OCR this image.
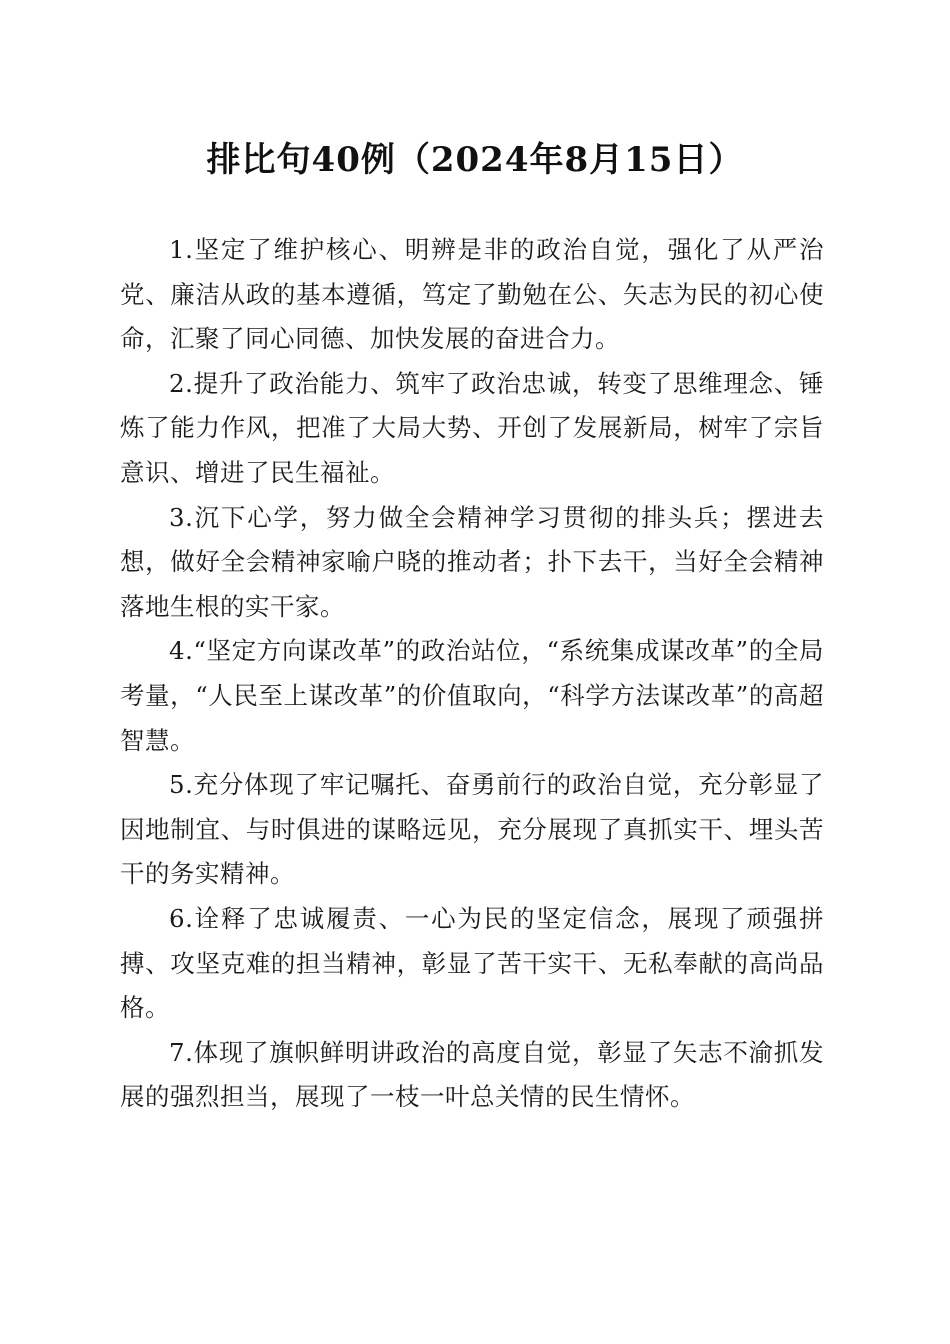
排比句40例（2024年8月15日）

1.坚定了维护核心、明辨是非的政治自觉，强化了从严治党、廉洁从政的基本遵循，笃定了勤勉在公、矢志为民的初心使命，汇聚了同心同德、加快发展的奋进合力。

2.提升了政治能力、筑牢了政治忠诚，转变了思维理念、锤炼了能力作风，把准了大局大势、开创了发展新局，树牢了宗旨意识、增进了民生福祉。

3.沉下心学，努力做全会精神学习贯彻的排头兵；摆进去想，做好全会精神家喻户晓的推动者；扑下去干，当好全会精神落地生根的实干家。

4.“坚定方向谋改革”的政治站位，“系统集成谋改革”的全局考量，“人民至上谋改革”的价值取向，“科学方法谋改革”的高超智慧。

5.充分体现了牢记嘱托、奋勇前行的政治自觉，充分彰显了因地制宜、与时俱进的谋略远见，充分展现了真抓实干、埋头苦干的务实精神。

6.诠释了忠诚履责、一心为民的坚定信念，展现了顽强拼搏、攻坚克难的担当精神，彰显了苦干实干、无私奉献的高尚品格。

7.体现了旗帜鲜明讲政治的高度自觉，彰显了矢志不渝抓发展的强烈担当，展现了一枝一叶总关情的民生情怀。
